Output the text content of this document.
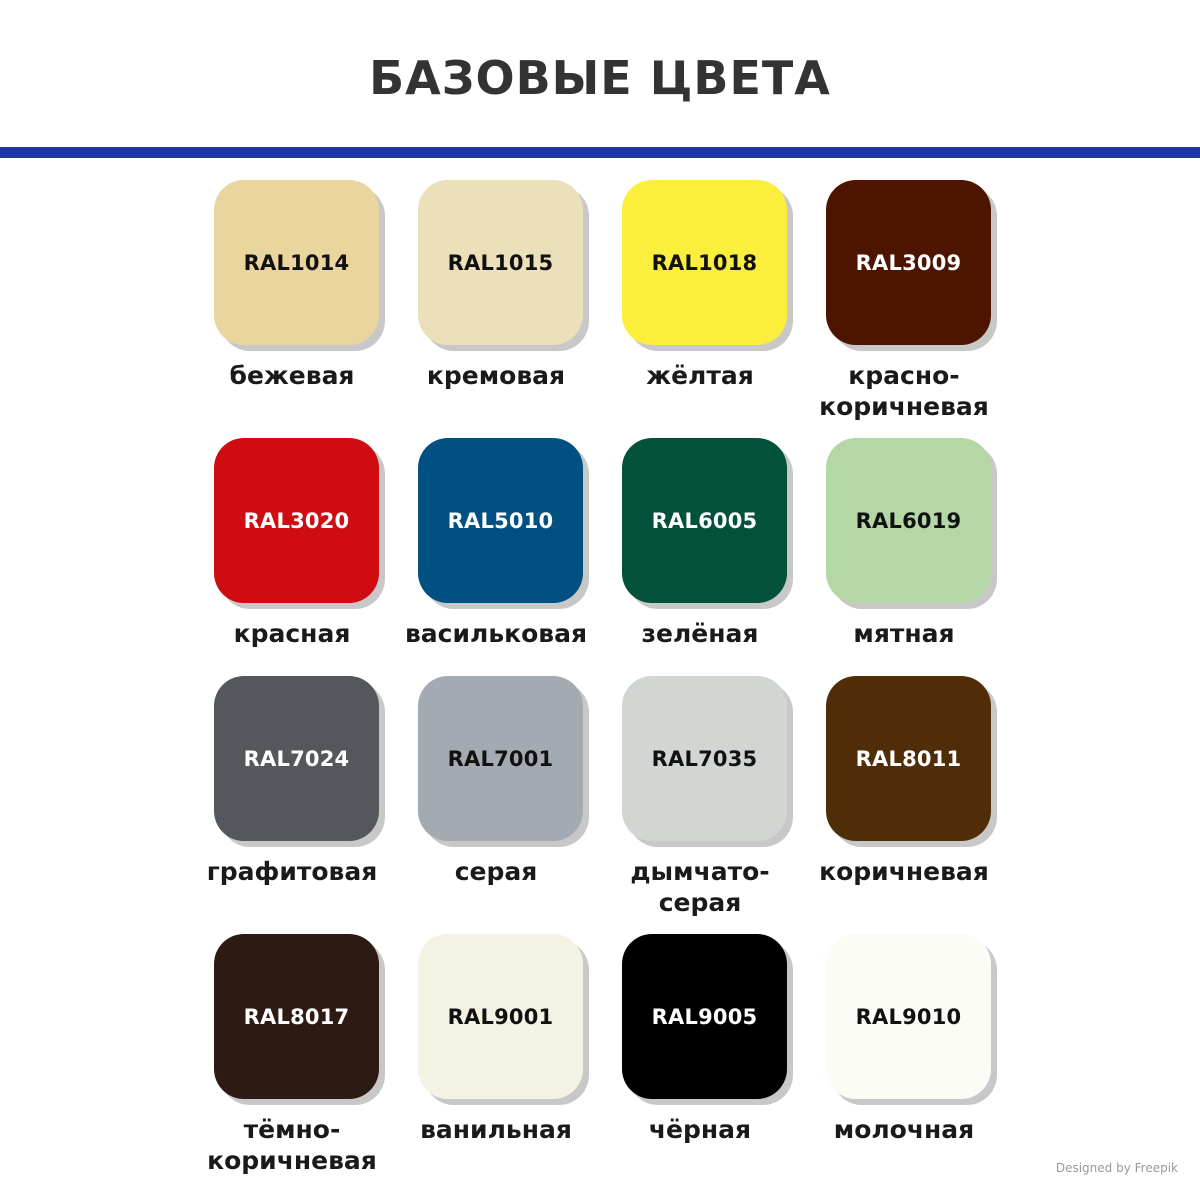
БАЗОВЫЕ ЦВЕТА
RAL1014
бежевая
RAL1015
кремовая
RAL1018
жёлтая
RAL3009
красно-
коричневая
RAL3020
красная
RAL5010
васильковая
RAL6005
зелёная
RAL6019
мятная
RAL7024
графитовая
RAL7001
серая
RAL7035
дымчато-
серая
RAL8011
коричневая
RAL8017
тёмно-
коричневая
RAL9001
ванильная
RAL9005
чёрная
RAL9010
молочная
Designed by Freepik
